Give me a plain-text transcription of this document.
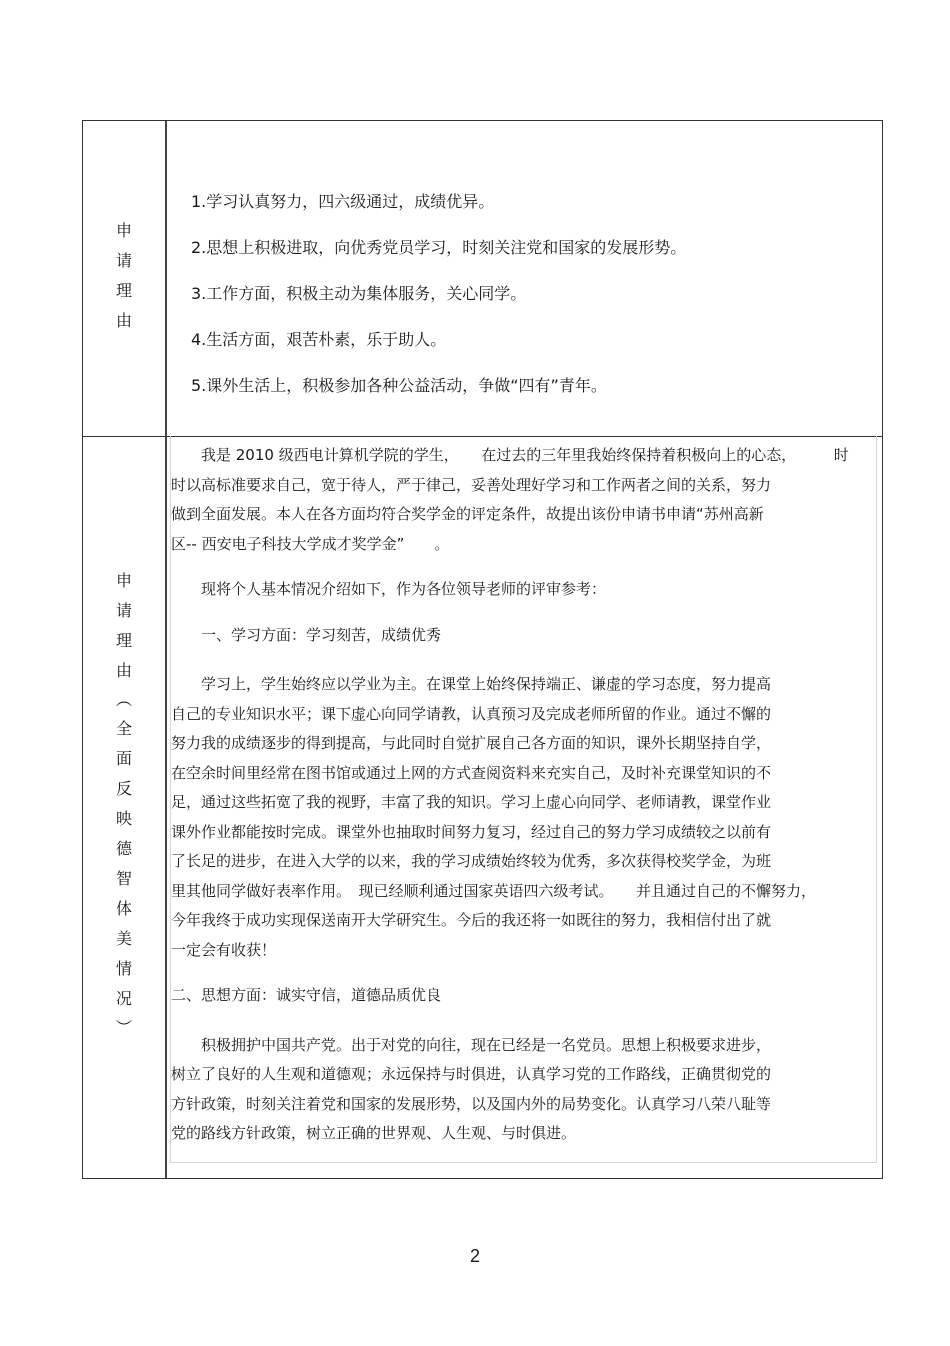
申
请
理
由
1.学习认真努力，四六级通过，成绩优异。
2.思想上积极进取，向优秀党员学习，时刻关注党和国家的发展形势。
3.工作方面，积极主动为集体服务，关心同学。
4.生活方面，艰苦朴素，乐于助人。
5.课外生活上，积极参加各种公益活动，争做“四有”青年。
申
请
理
由
︵
全
面
反
映
德
智
体
美
情
况
︶

　　我是 2010 级西电计算机学院的学生，　　在过去的三年里我始终保持着积极向上的心态，　　　时

时以高标准要求自己，宽于待人，严于律己，妥善处理好学习和工作两者之间的关系，努力

做到全面发展。本人在各方面均符合奖学金的评定条件，故提出该份申请书申请“苏州高新

区-- 西安电子科技大学成才奖学金”　　。

　　现将个人基本情况介绍如下，作为各位领导老师的评审参考：

　　一、学习方面：学习刻苦，成绩优秀

　　学习上，学生始终应以学业为主。在课堂上始终保持端正、谦虚的学习态度，努力提高

自己的专业知识水平；课下虚心向同学请教，认真预习及完成老师所留的作业。通过不懈的

努力我的成绩逐步的得到提高，与此同时自觉扩展自己各方面的知识，课外长期坚持自学，

在空余时间里经常在图书馆或通过上网的方式查阅资料来充实自己，及时补充课堂知识的不

足，通过这些拓宽了我的视野，丰富了我的知识。学习上虚心向同学、老师请教，课堂作业

课外作业都能按时完成。课堂外也抽取时间努力复习，经过自己的努力学习成绩较之以前有

了长足的进步，在进入大学的以来，我的学习成绩始终较为优秀，多次获得校奖学金，为班

里其他同学做好表率作用。　现已经顺利通过国家英语四六级考试。　　并且通过自己的不懈努力，

今年我终于成功实现保送南开大学研究生。今后的我还将一如既往的努力，我相信付出了就

一定会有收获！

二、思想方面：诚实守信，道德品质优良

　　积极拥护中国共产党。出于对党的向往，现在已经是一名党员。思想上积极要求进步，

树立了良好的人生观和道德观；永远保持与时俱进，认真学习党的工作路线，正确贯彻党的

方针政策，时刻关注着党和国家的发展形势，以及国内外的局势变化。认真学习八荣八耻等

党的路线方针政策，树立正确的世界观、人生观、与时俱进。

2
